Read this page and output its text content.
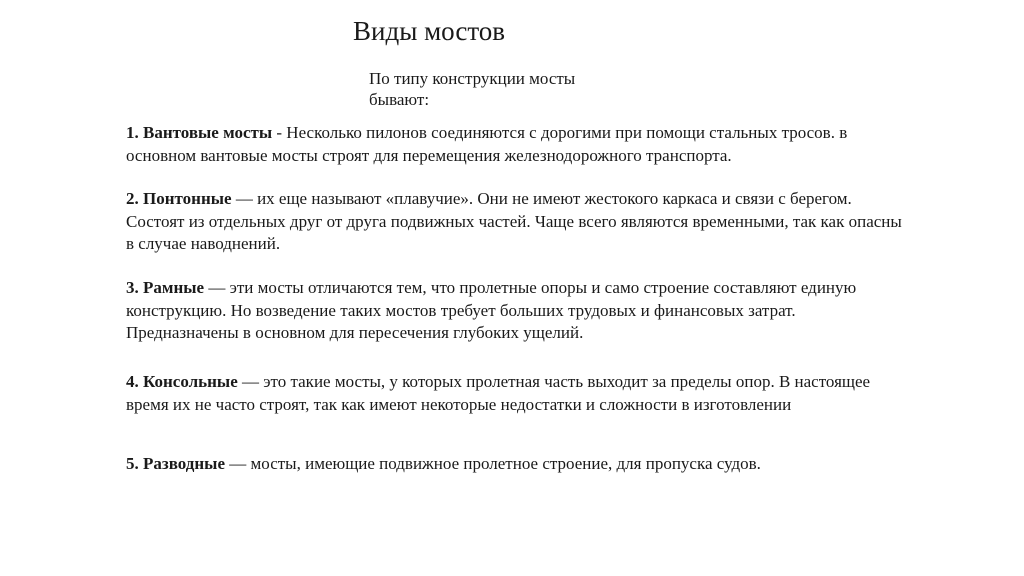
Виды мостов
По типу конструкции мосты бывают:
1. Вантовые мосты - Несколько пилонов соединяются с дорогими при помощи стальных тросов. в основном вантовые мосты строят для перемещения железнодорожного транспорта.
2. Понтонные — их еще называют «плавучие». Они не имеют жестокого каркаса и связи с берегом. Состоят из отдельных друг от друга подвижных частей. Чаще всего являются временными, так как опасны в случае наводнений.
3. Рамные — эти мосты отличаются тем, что пролетные опоры и само строение составляют единую конструкцию. Но возведение таких мостов требует больших трудовых и финансовых затрат. Предназначены в основном для пересечения глубоких ущелий.
4. Консольные — это такие мосты, у которых пролетная часть выходит за пределы опор. В настоящее время их не часто строят, так как имеют некоторые недостатки и сложности в изготовлении
5. Разводные — мосты, имеющие подвижное пролетное строение, для пропуска судов.
